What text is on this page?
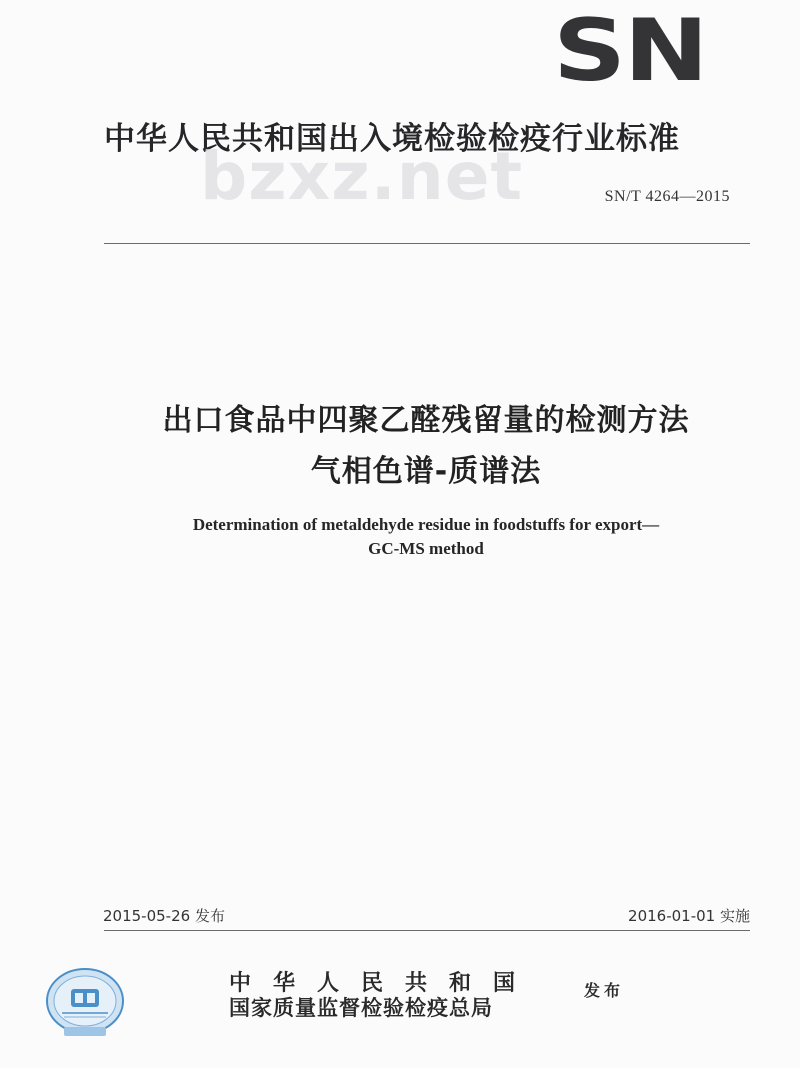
SN
中华人民共和国出入境检验检疫行业标准
bzxz.net	SN/T 4264—2015
出口食品中四聚乙醛残留量的检测方法
气相色谱-质谱法
Determination of metaldehyde residue in foodstuffs for export—
GC-MS method
2015-05-26 发布	2016-01-01 实施
中华人民共和国
国家质量监督检验检疫总局
发布
